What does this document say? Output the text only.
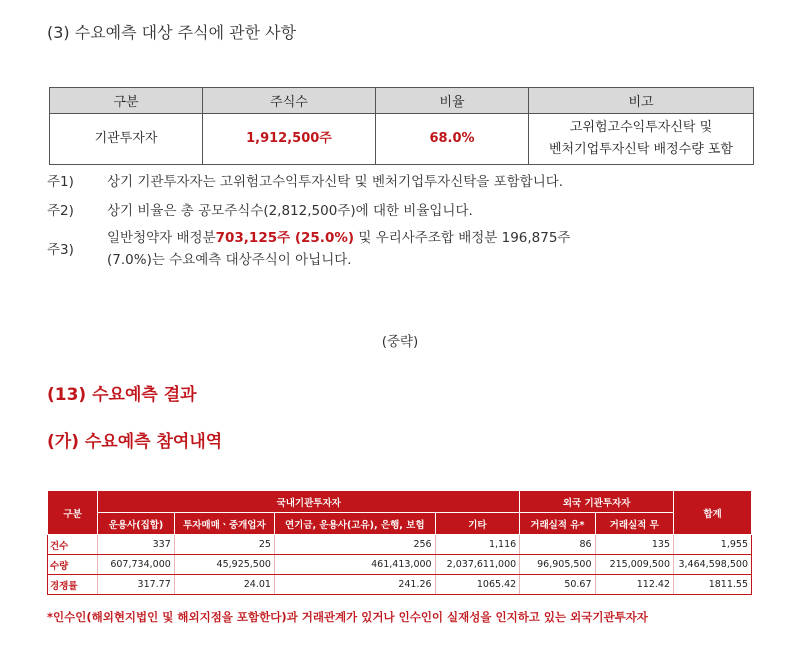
(3) 수요예측 대상 주식에 관한 사항
구분	주식수	비율	비고
기관투자자	1,912,500주	68.0%	고위험고수익투자신탁 및
벤처기업투자신탁 배정수량 포함
주1) 상기 기관투자자는 고위험고수익투자신탁 및 벤처기업투자신탁을 포함합니다.
주2) 상기 비율은 총 공모주식수(2,812,500주)에 대한 비율입니다.
주3)
일반청약자 배정분703,125주 (25.0%) 및 우리사주조합 배정분 196,875주
(7.0%)는 수요예측 대상주식이 아닙니다.
(중략)
(13) 수요예측 결과
(가) 수요예측 참여내역
구분	국내기관투자자				외국 기관투자자		합계
	운용사(집합)	투자매매ㆍ중개업자	연기금, 운용사(고유), 은행, 보험	기타	거래실적 유*	거래실적 무	
건수	337	25	256	1,116	86	135	1,955
수량	607,734,000	45,925,500	461,413,000	2,037,611,000	96,905,500	215,009,500	3,464,598,500
경쟁률	317.77	24.01	241.26	1065.42	50.67	112.42	1811.55
*인수인(해외현지법인 및 해외지점을 포함한다)과 거래관계가 있거나 인수인이 실재성을 인지하고 있는 외국기관투자자
